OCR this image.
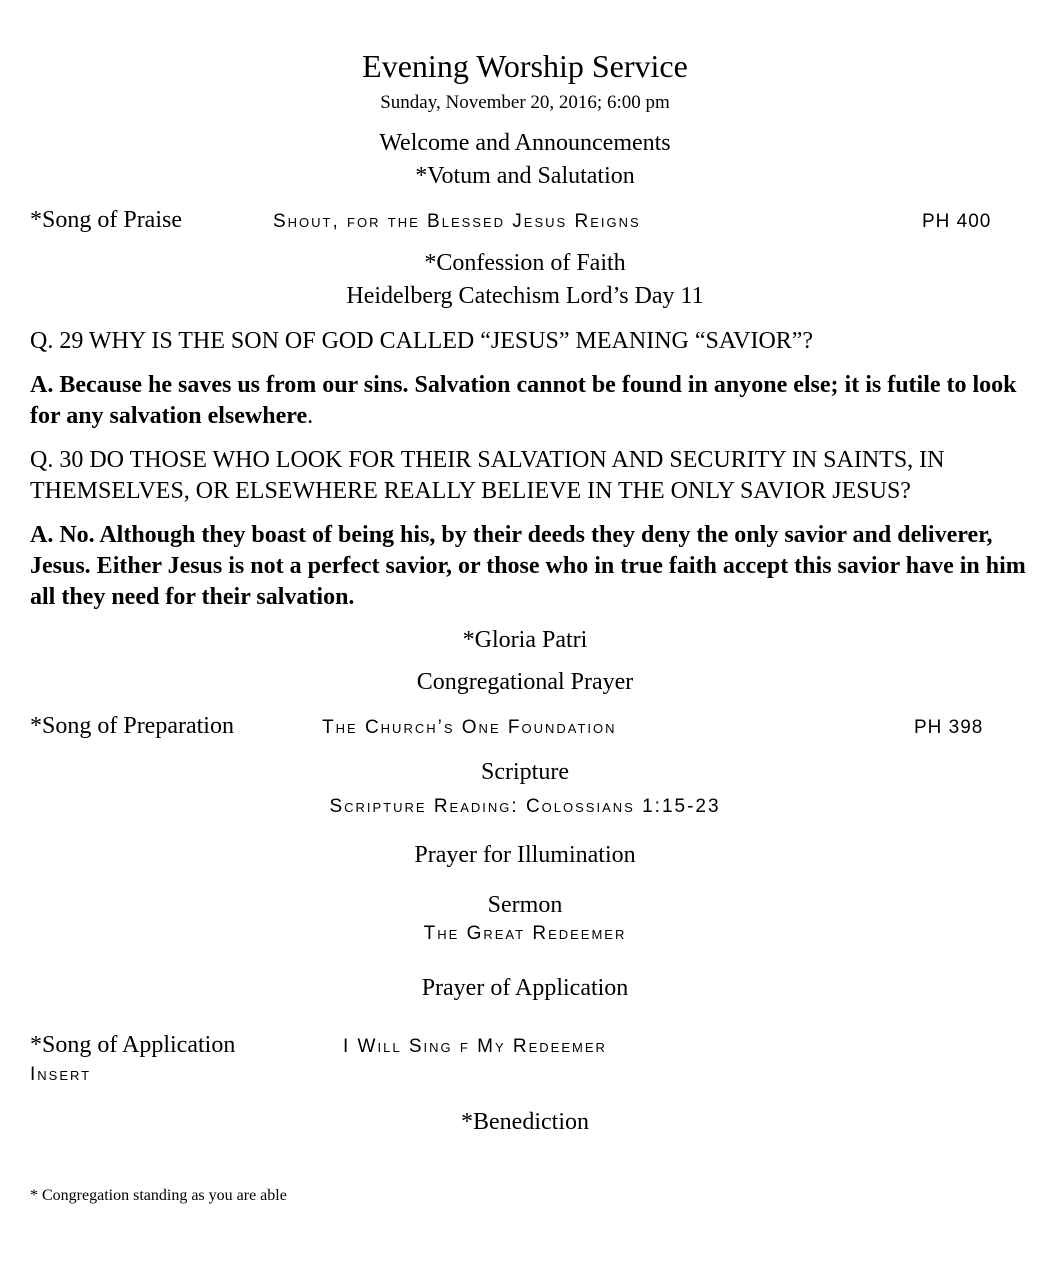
Evening Worship Service
Sunday, November 20, 2016; 6:00 pm
Welcome and Announcements
*Votum and Salutation
*Song of Praise	Shout, for the Blessed Jesus Reigns	PH 400
*Confession of Faith
Heidelberg Catechism Lord’s Day 11
Q. 29 WHY IS THE SON OF GOD CALLED “JESUS” MEANING “SAVIOR”?
A. Because he saves us from our sins. Salvation cannot be found in anyone else; it is futile to look for any salvation elsewhere.
Q. 30 DO THOSE WHO LOOK FOR THEIR SALVATION AND SECURITY IN SAINTS, IN THEMSELVES, OR ELSEWHERE REALLY BELIEVE IN THE ONLY SAVIOR JESUS?
A. No. Although they boast of being his, by their deeds they deny the only savior and deliverer, Jesus. Either Jesus is not a perfect savior, or those who in true faith accept this savior have in him all they need for their salvation.
*Gloria Patri
Congregational Prayer
*Song of Preparation	The Church’s One Foundation	PH 398
Scripture
Scripture Reading: Colossians 1:15-23
Prayer for Illumination
Sermon
The Great Redeemer
Prayer of Application
*Song of Application	I Will Sing f My Redeemer
Insert
*Benediction
* Congregation standing as you are able
